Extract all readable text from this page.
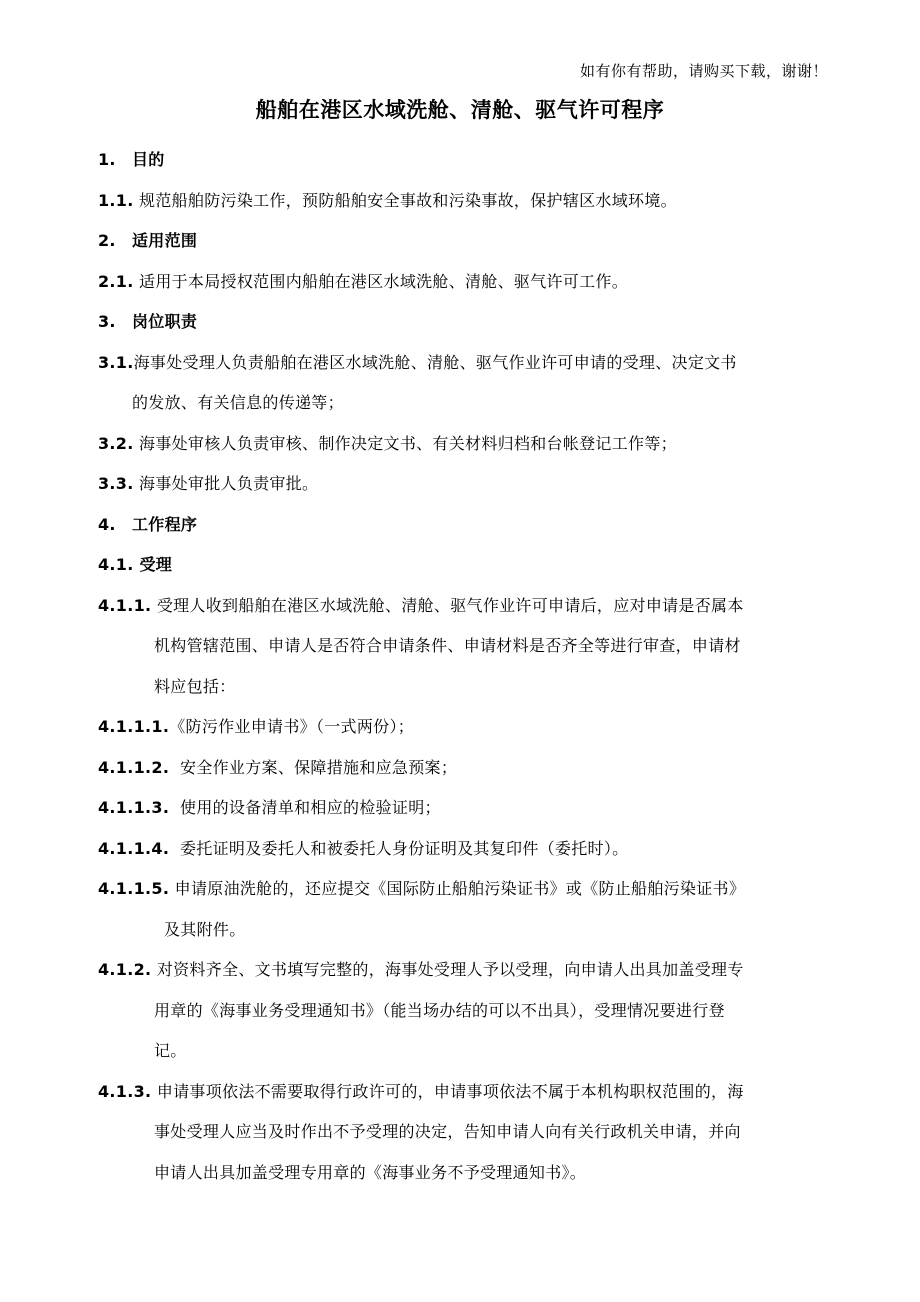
如有你有帮助，请购买下载，谢谢！
船舶在港区水域洗舱、清舱、驱气许可程序
1. 目的
1.1. 规范船舶防污染工作，预防船舶安全事故和污染事故，保护辖区水域环境。
2. 适用范围
2.1. 适用于本局授权范围内船舶在港区水域洗舱、清舱、驱气许可工作。
3. 岗位职责
3.1.海事处受理人负责船舶在港区水域洗舱、清舱、驱气作业许可申请的受理、决定文书
的发放、有关信息的传递等；
3.2. 海事处审核人负责审核、制作决定文书、有关材料归档和台帐登记工作等；
3.3. 海事处审批人负责审批。
4. 工作程序
4.1. 受理
4.1.1. 受理人收到船舶在港区水域洗舱、清舱、驱气作业许可申请后，应对申请是否属本
机构管辖范围、申请人是否符合申请条件、申请材料是否齐全等进行审查，申请材
料应包括：
4.1.1.1.《防污作业申请书》（一式两份）；
4.1.1.2. 安全作业方案、保障措施和应急预案；
4.1.1.3. 使用的设备清单和相应的检验证明；
4.1.1.4. 委托证明及委托人和被委托人身份证明及其复印件（委托时）。
4.1.1.5. 申请原油洗舱的，还应提交《国际防止船舶污染证书》或《防止船舶污染证书》
及其附件。
4.1.2. 对资料齐全、文书填写完整的，海事处受理人予以受理，向申请人出具加盖受理专
用章的《海事业务受理通知书》（能当场办结的可以不出具），受理情况要进行登
记。
4.1.3. 申请事项依法不需要取得行政许可的，申请事项依法不属于本机构职权范围的，海
事处受理人应当及时作出不予受理的决定，告知申请人向有关行政机关申请，并向
申请人出具加盖受理专用章的《海事业务不予受理通知书》。
